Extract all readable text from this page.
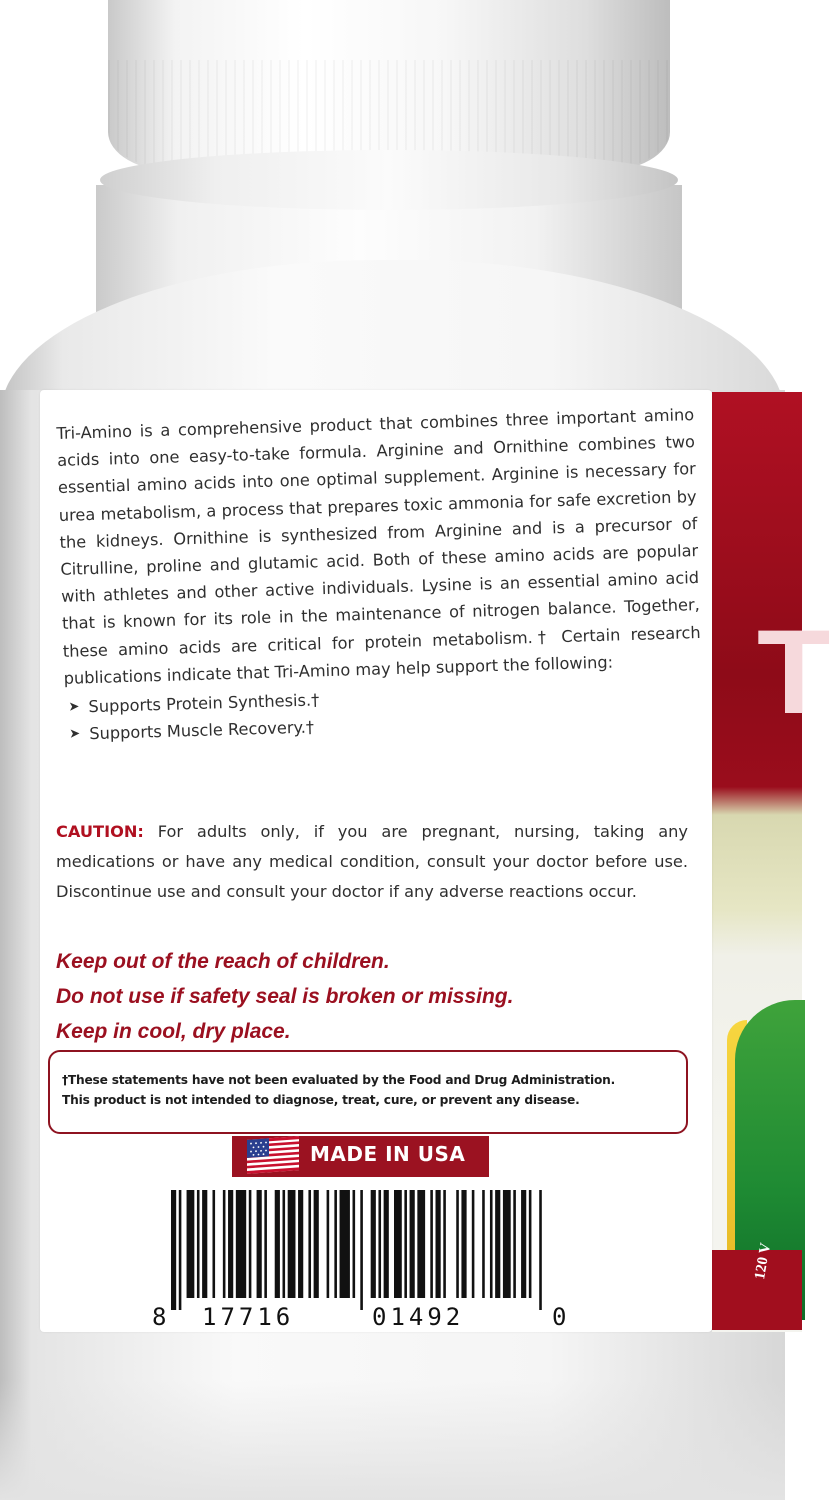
T
120 V

Tri-Amino is a comprehensive product that combines three important amino acids into one easy-to-take formula. Arginine and Ornithine combines two essential amino acids into one optimal supplement. Arginine is necessary for urea metabolism, a process that prepares toxic ammonia for safe excretion by the kidneys. Ornithine is synthesized from Arginine and is a precursor of Citrulline, proline and glutamic acid. Both of these amino acids are popular with athletes and other active individuals. Lysine is an essential amino acid that is known for its role in the maintenance of nitrogen balance. Together, these amino acids are critical for protein metabolism.† Certain research publications indicate that Tri-Amino may help support the following:

➤ Supports Protein Synthesis.†
➤ Supports Muscle Recovery.†
CAUTION: For adults only, if you are pregnant, nursing, taking any medications or have any medical condition, consult your doctor before use. Discontinue use and consult your doctor if any adverse reactions occur.
Keep out of the reach of children.
Do not use if safety seal is broken or missing.
Keep in cool, dry place.
†These statements have not been evaluated by the Food and Drug Administration.
This product is not intended to diagnose, treat, cure, or prevent any disease.
MADE IN USA
8 17716	01492	0
